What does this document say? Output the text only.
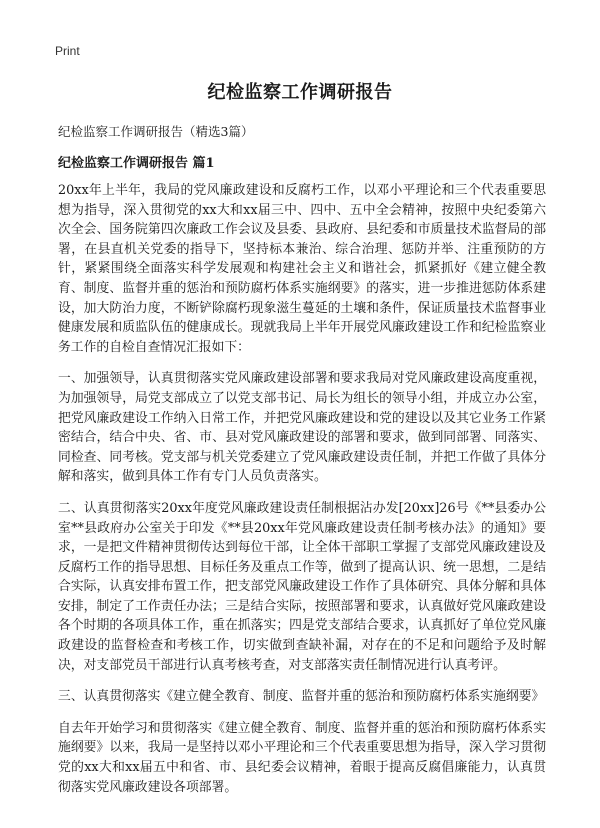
Print
纪检监察工作调研报告
纪检监察工作调研报告（精选3篇）
纪检监察工作调研报告 篇1

20xx年上半年，我局的党风廉政建设和反腐朽工作，以邓小平理论和三个代表重要思想为指导，深入贯彻党的xx大和xx届三中、四中、五中全会精神，按照中央纪委第六次全会、国务院第四次廉政工作会议及县委、县政府、县纪委和市质量技术监督局的部署，在县直机关党委的指导下，坚持标本兼治、综合治理、惩防并举、注重预防的方针，紧紧围绕全面落实科学发展观和构建社会主义和谐社会，抓紧抓好《建立健全教育、制度、监督并重的惩治和预防腐朽体系实施纲要》的落实，进一步推进惩防体系建设，加大防治力度，不断铲除腐朽现象滋生蔓延的土壤和条件，保证质量技术监督事业健康发展和质监队伍的健康成长。现就我局上半年开展党风廉政建设工作和纪检监察业务工作的自检自查情况汇报如下：

一、加强领导，认真贯彻落实党风廉政建设部署和要求我局对党风廉政建设高度重视，为加强领导，局党支部成立了以党支部书记、局长为组长的领导小组，并成立办公室，把党风廉政建设工作纳入日常工作，并把党风廉政建设和党的建设以及其它业务工作紧密结合，结合中央、省、市、县对党风廉政建设的部署和要求，做到同部署、同落实、同检查、同考核。党支部与机关党委建立了党风廉政建设责任制，并把工作做了具体分解和落实，做到具体工作有专门人员负责落实。

二、认真贯彻落实20xx年度党风廉政建设责任制根据沾办发[20xx]26号《**县委办公室**县政府办公室关于印发《**县20xx年党风廉政建设责任制考核办法》的通知》要求，一是把文件精神贯彻传达到每位干部，让全体干部职工掌握了支部党风廉政建设及反腐朽工作的指导思想、目标任务及重点工作等，做到了提高认识、统一思想，二是结合实际，认真安排布置工作，把支部党风廉政建设工作作了具体研究、具体分解和具体安排，制定了工作责任办法；三是结合实际，按照部署和要求，认真做好党风廉政建设各个时期的各项具体工作，重在抓落实；四是党支部结合要求，认真抓好了单位党风廉政建设的监督检查和考核工作，切实做到查缺补漏，对存在的不足和问题给予及时解决，对支部党员干部进行认真考核考查，对支部落实责任制情况进行认真考评。

三、认真贯彻落实《建立健全教育、制度、监督并重的惩治和预防腐朽体系实施纲要》

自去年开始学习和贯彻落实《建立健全教育、制度、监督并重的惩治和预防腐朽体系实施纲要》以来，我局一是坚持以邓小平理论和三个代表重要思想为指导，深入学习贯彻党的xx大和xx届五中和省、市、县纪委会议精神，着眼于提高反腐倡廉能力，认真贯彻落实党风廉政建设各项部署。
